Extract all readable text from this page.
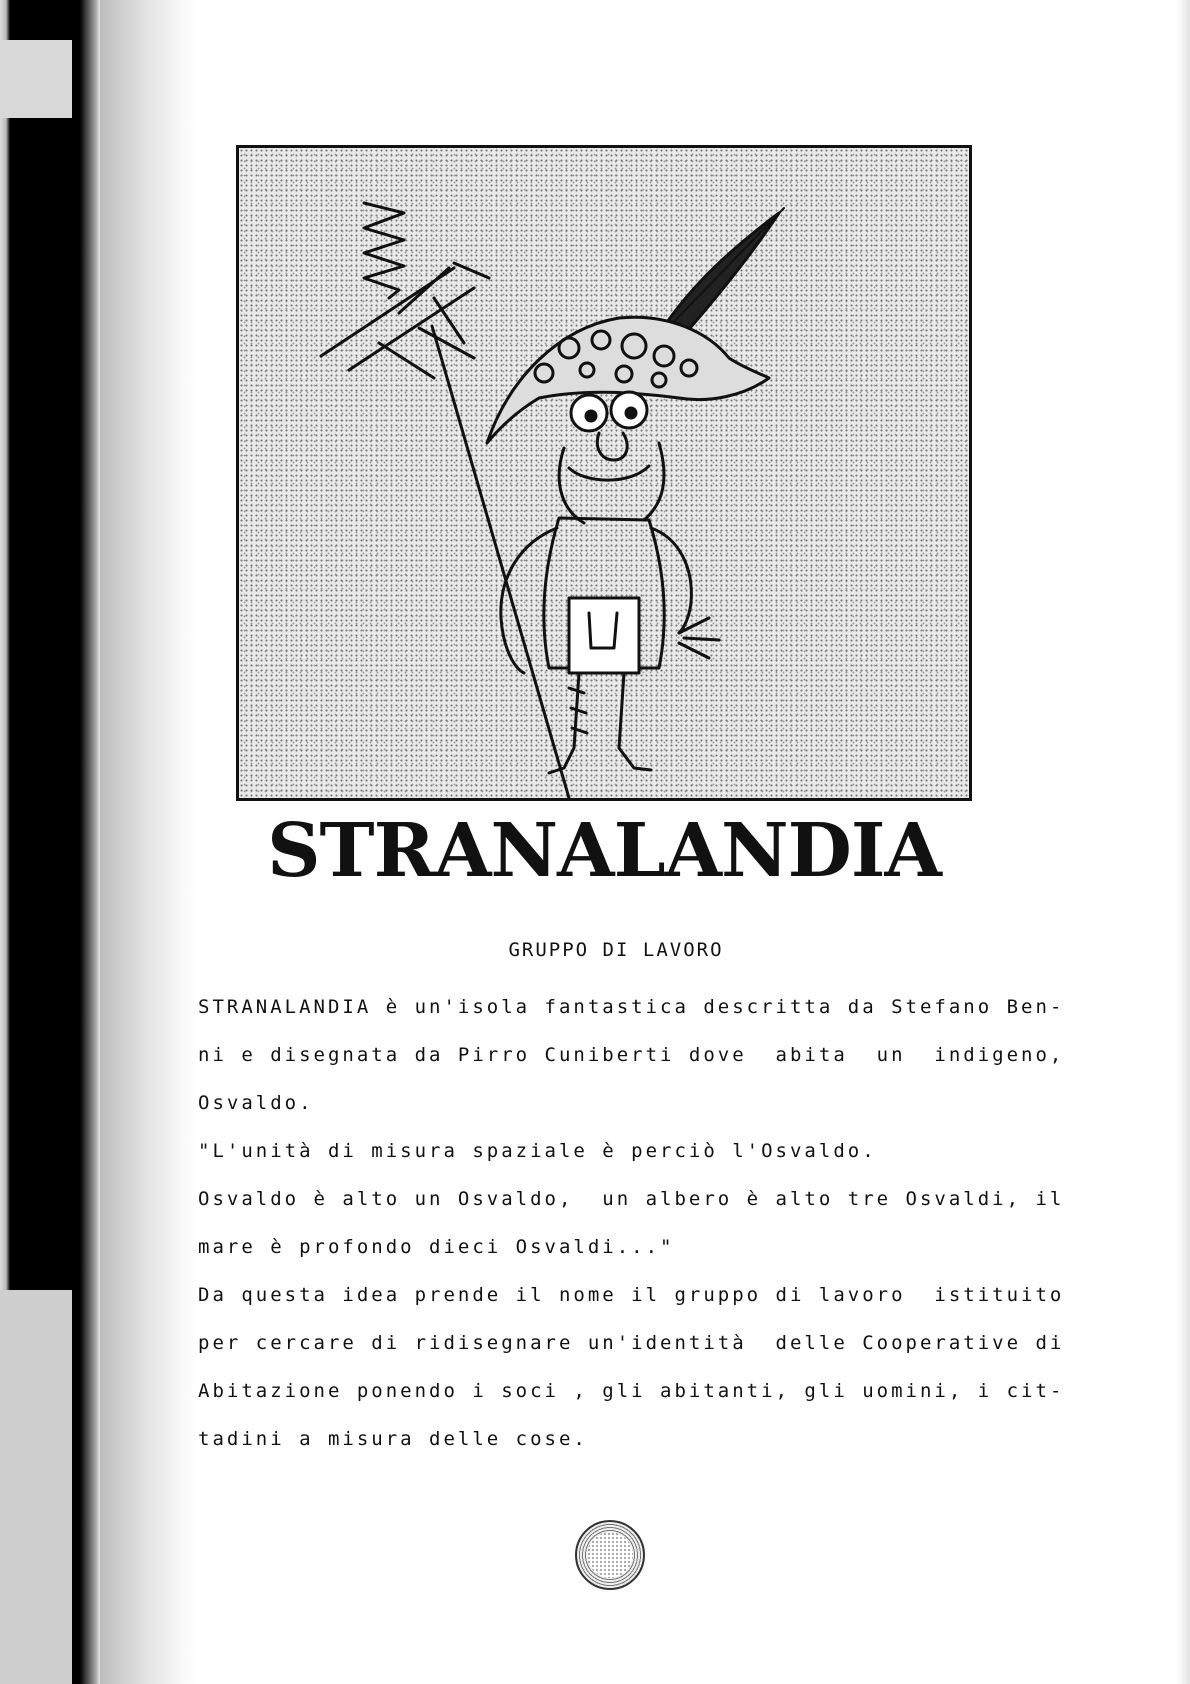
STRANALANDIA
GRUPPO DI LAVORO
STRANALANDIA è un'isola fantastica descritta da Stefano Ben-
ni e disegnata da Pirro Cuniberti dove  abita  un  indigeno,
Osvaldo.
"L'unità di misura spaziale è perciò l'Osvaldo.
Osvaldo è alto un Osvaldo,  un albero è alto tre Osvaldi, il
mare è profondo dieci Osvaldi..."
Da questa idea prende il nome il gruppo di lavoro  istituito
per cercare di ridisegnare un'identità  delle Cooperative di
Abitazione ponendo i soci , gli abitanti, gli uomini, i cit-
tadini a misura delle cose.
